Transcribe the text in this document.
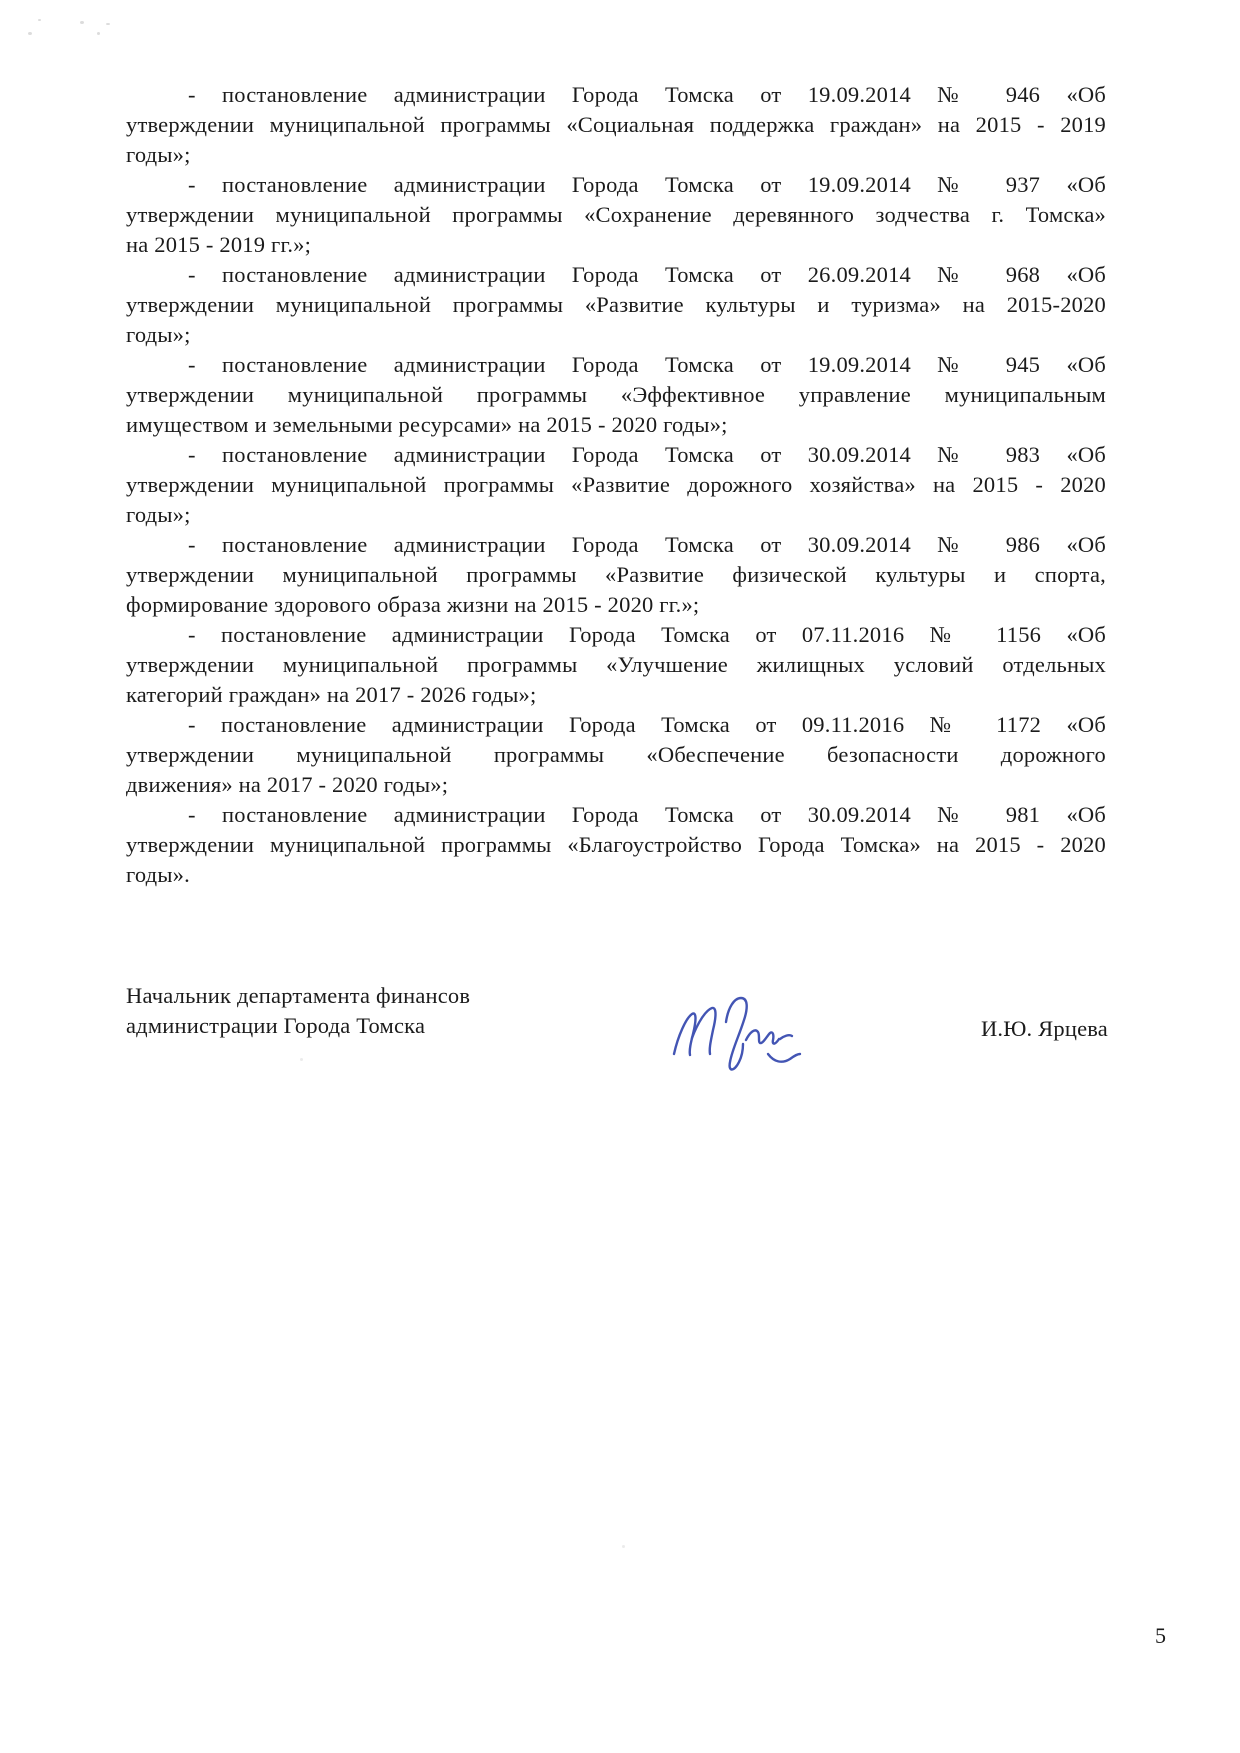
- постановление администрации Города Томска от 19.09.2014 № 946 «Об
утверждении муниципальной программы «Социальная поддержка граждан» на 2015 - 2019
годы»;
- постановление администрации Города Томска от 19.09.2014 № 937 «Об
утверждении муниципальной программы «Сохранение деревянного зодчества г. Томска»
на 2015 - 2019 гг.»;
- постановление администрации Города Томска от 26.09.2014 № 968 «Об
утверждении муниципальной программы «Развитие культуры и туризма» на 2015-2020
годы»;
- постановление администрации Города Томска от 19.09.2014 № 945 «Об
утверждении муниципальной программы «Эффективное управление муниципальным
имуществом и земельными ресурсами» на 2015 - 2020 годы»;
- постановление администрации Города Томска от 30.09.2014 № 983 «Об
утверждении муниципальной программы «Развитие дорожного хозяйства» на 2015 - 2020
годы»;
- постановление администрации Города Томска от 30.09.2014 № 986 «Об
утверждении муниципальной программы «Развитие физической культуры и спорта,
формирование здорового образа жизни на 2015 - 2020 гг.»;
- постановление администрации Города Томска от 07.11.2016 № 1156 «Об
утверждении муниципальной программы «Улучшение жилищных условий отдельных
категорий граждан» на 2017 - 2026 годы»;
- постановление администрации Города Томска от 09.11.2016 № 1172 «Об
утверждении муниципальной программы «Обеспечение безопасности дорожного
движения» на 2017 - 2020 годы»;
- постановление администрации Города Томска от 30.09.2014 № 981 «Об
утверждении муниципальной программы «Благоустройство Города Томска» на 2015 - 2020
годы».
Начальник департамента финансов
администрации Города Томска	И.Ю. Ярцева
5
